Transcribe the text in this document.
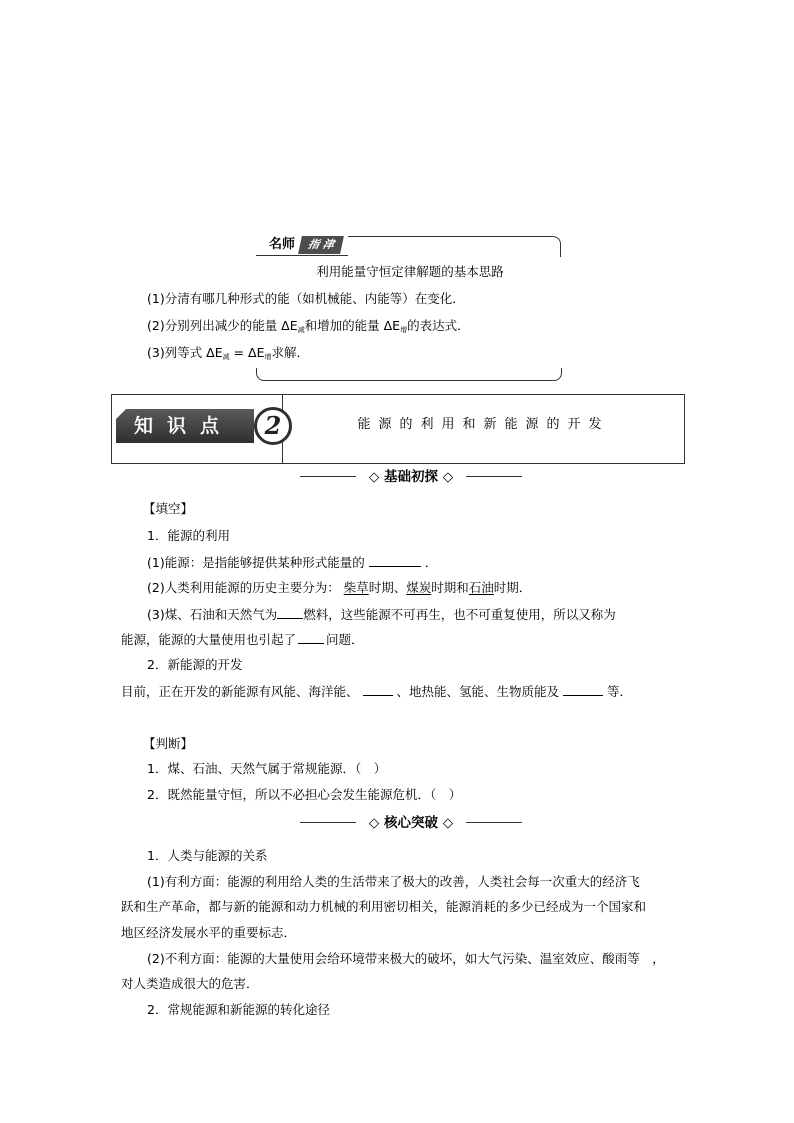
名师	指 津
利用能量守恒定律解题的基本思路
(1)分清有哪几种形式的能（如机械能、内能等）在变化．
(2)分别列出减少的能量 $\Delta E_减$和增加的能量 $\Delta E_增$的表达式．
(3)列等式 $\Delta E_减 = \Delta E_增$求解．
知识点	2	能源的利用和新能源的开发
◇ 基础初探 ◇
【填空】
1．能源的利用
(1)能源：是指能够提供某种形式能量的	．
(2)人类利用能源的历史主要分为： 柴草时期、煤炭时期和石油时期．
(3)煤、石油和天然气为 燃料，这些能源不可再生，也不可重复使用，所以又称为
能源，能源的大量使用也引起了 问题．
2．新能源的开发
目前，正在开发的新能源有风能、海洋能、	、地热能、氢能、生物质能及	等．
【判断】
1．煤、石油、天然气属于常规能源．（　）
2．既然能量守恒，所以不必担心会发生能源危机．（　）
◇ 核心突破 ◇
1．人类与能源的关系
(1)有利方面：能源的利用给人类的生活带来了极大的改善，人类社会每一次重大的经济飞
跃和生产革命，都与新的能源和动力机械的利用密切相关，能源消耗的多少已经成为一个国家和
地区经济发展水平的重要标志．
(2)不利方面：能源的大量使用会给环境带来极大的破坏，如大气污染、温室效应、酸雨等　，
对人类造成很大的危害．
2．常规能源和新能源的转化途径
